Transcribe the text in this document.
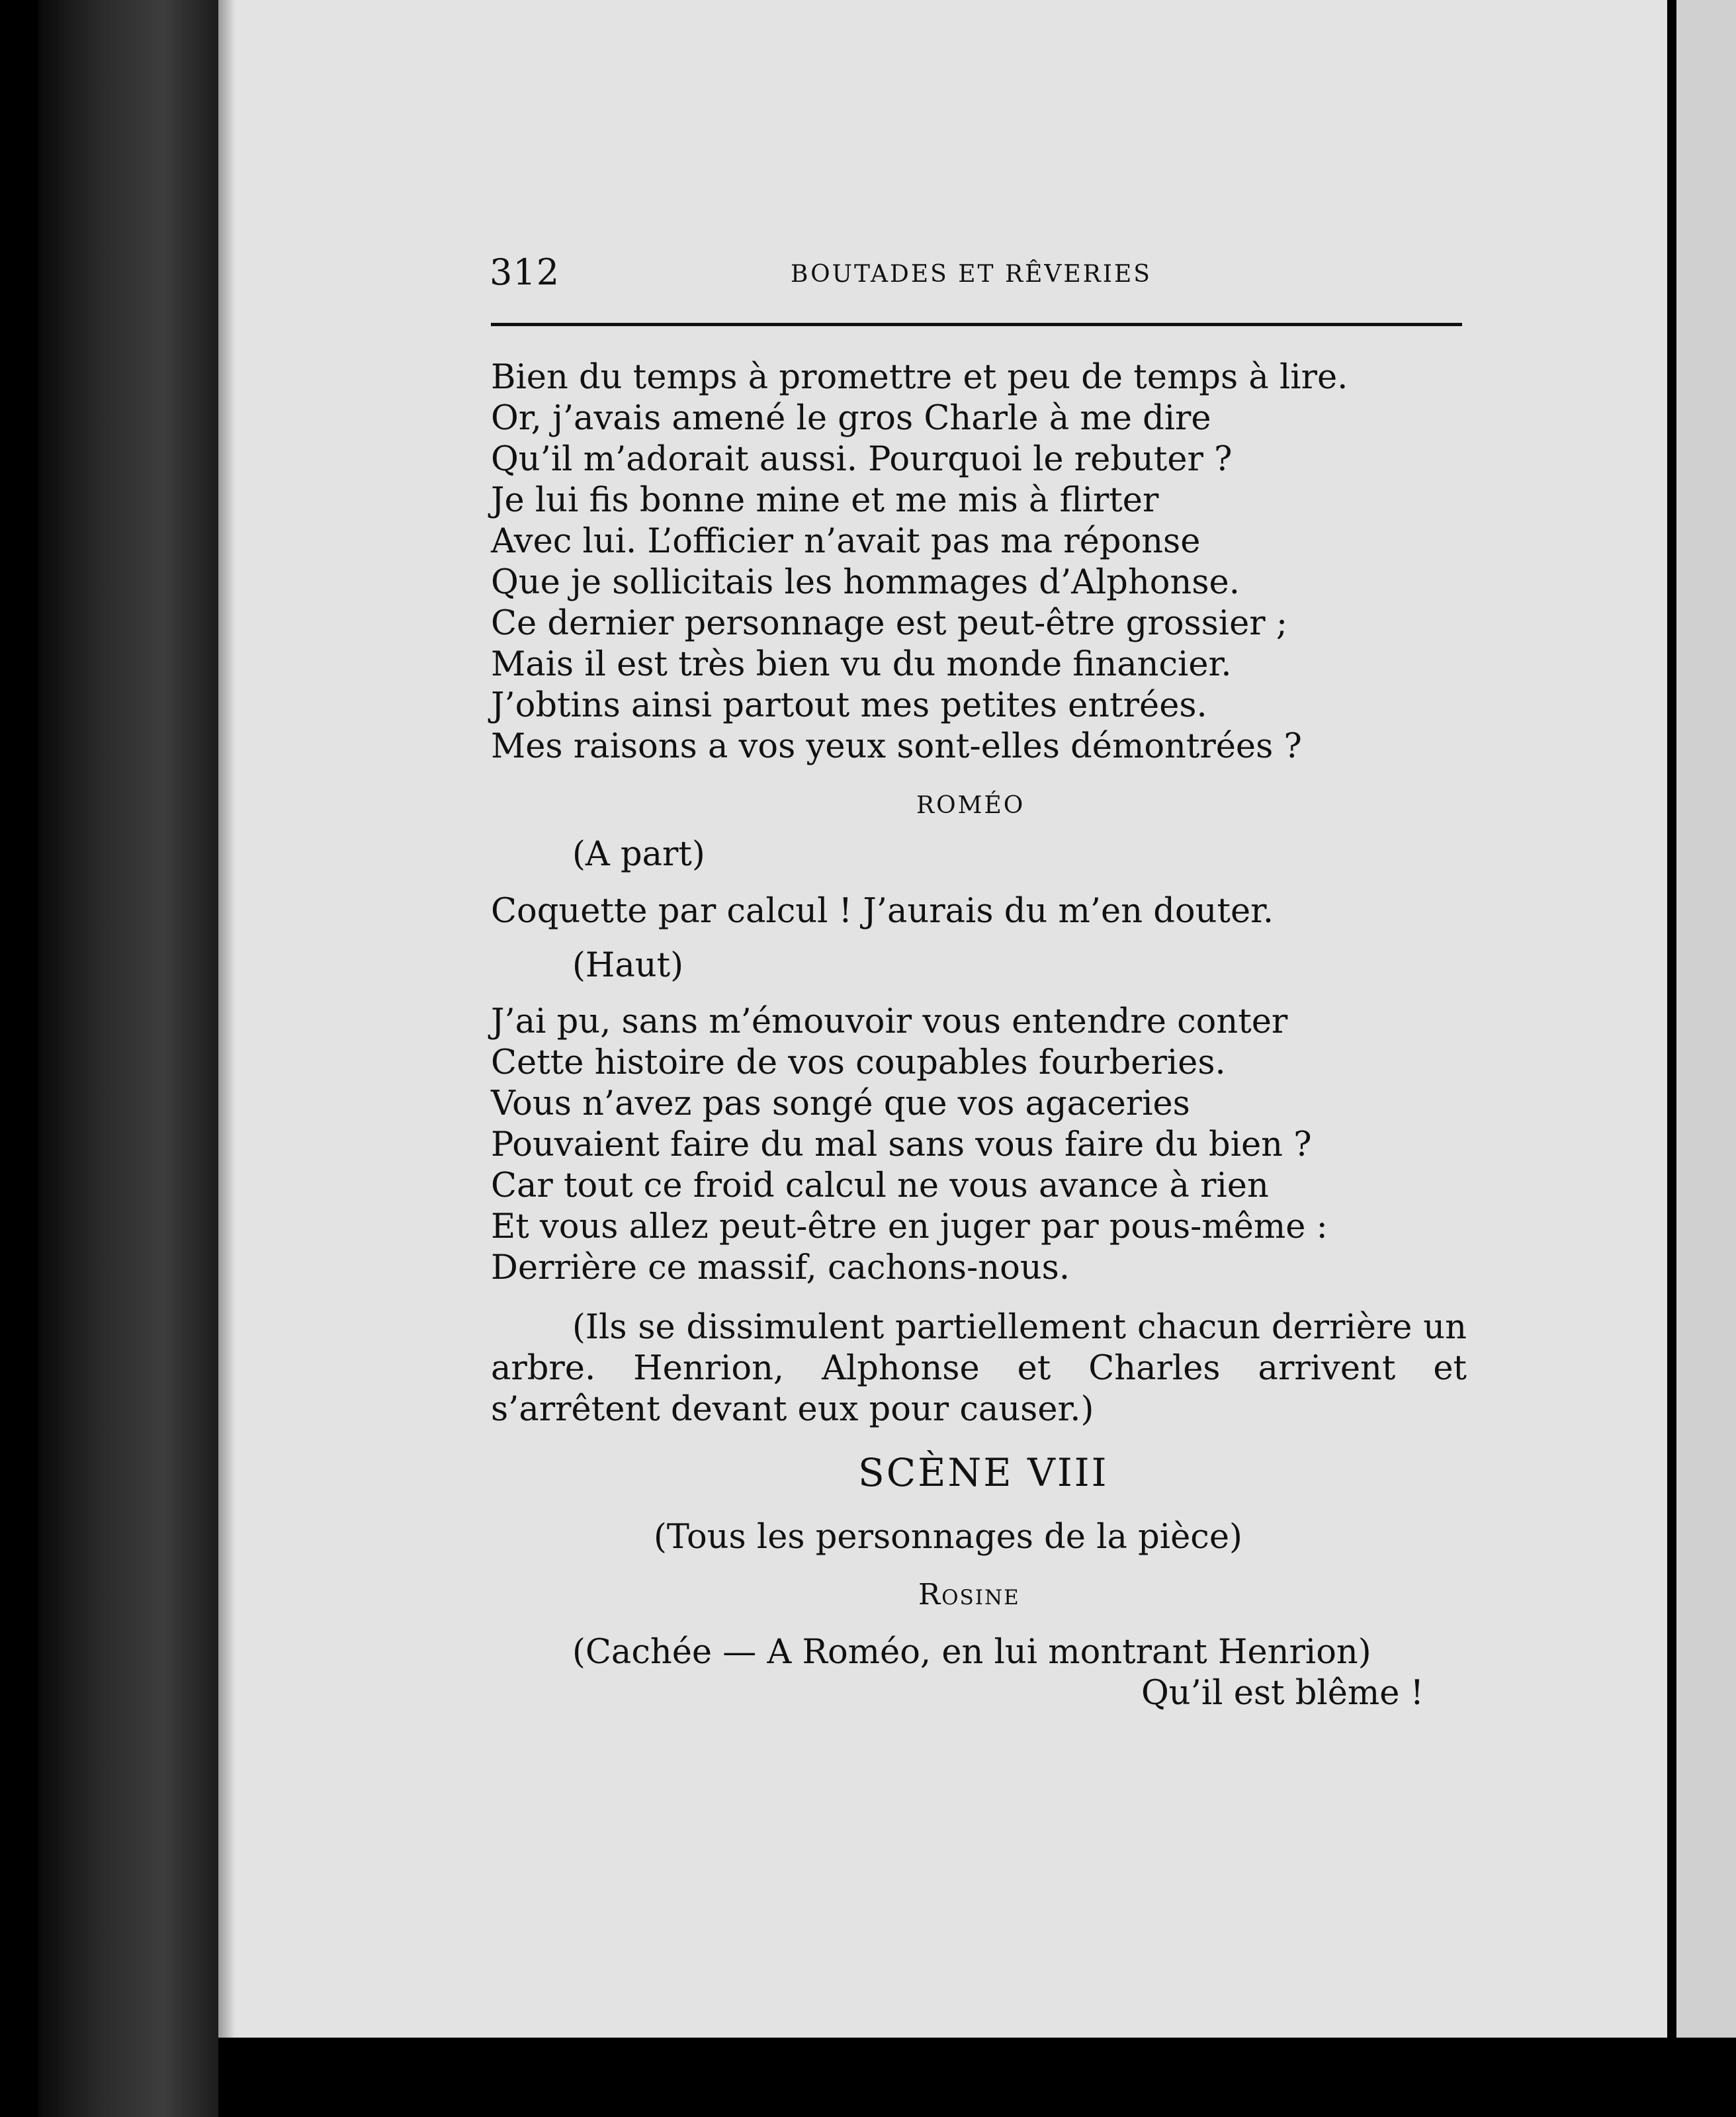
312	BOUTADES ET RÊVERIES
Bien du temps à promettre et peu de temps à lire.
Or, j’avais amené le gros Charle à me dire
Qu’il m’adorait aussi. Pourquoi le rebuter ?
Je lui fis bonne mine et me mis à flirter
Avec lui. L’officier n’avait pas ma réponse
Que je sollicitais les hommages d’Alphonse.
Ce dernier personnage est peut-être grossier ;
Mais il est très bien vu du monde financier.
J’obtins ainsi partout mes petites entrées.
Mes raisons a vos yeux sont-elles démontrées ?
ROMÉO
(A part)
Coquette par calcul ! J’aurais du m’en douter.
(Haut)
J’ai pu, sans m’émouvoir vous entendre conter
Cette histoire de vos coupables fourberies.
Vous n’avez pas songé que vos agaceries
Pouvaient faire du mal sans vous faire du bien ?
Car tout ce froid calcul ne vous avance à rien
Et vous allez peut-être en juger par pous-même :
Derrière ce massif, cachons-nous.
(Ils se dissimulent partiellement chacun derrière un arbre. Henrion, Alphonse et Charles arrivent et s’arrêtent devant eux pour causer.)
SCÈNE VIII
(Tous les personnages de la pièce)
Rosine
(Cachée — A Roméo, en lui montrant Henrion)
Qu’il est blême !
